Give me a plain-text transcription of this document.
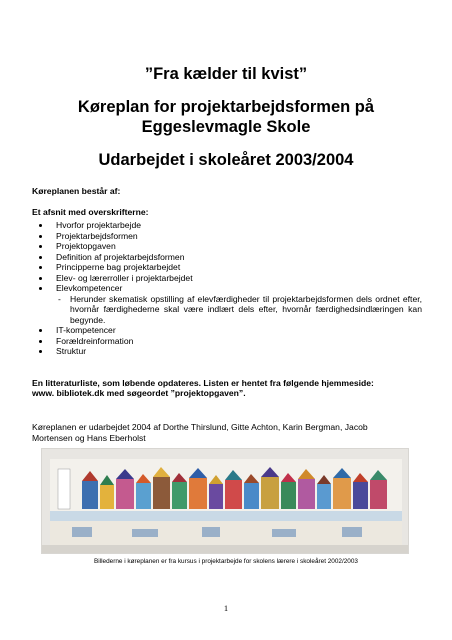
”Fra kælder til kvist”
Køreplan for projektarbejdsformen på
Eggeslevmagle Skole
Udarbejdet i skoleåret 2003/2004
Køreplanen består af:
Et afsnit med overskrifterne:
Hvorfor projektarbejde
Projektarbejdsformen
Projektopgaven
Definition af projektarbejdsformen
Principperne bag projektarbejdet
Elev- og lærerroller i projektarbejdet
Elevkompetencer
- Herunder skematisk opstilling af elevfærdigheder til projektarbejdsformen dels ordnet efter, hvornår færdighederne skal være indlært dels efter, hvornår færdighedsindlæringen kan begynde.
IT-kompetencer
Forældreinformation
Struktur
En litteraturliste, som løbende opdateres. Listen er hentet fra følgende hjemmeside:
www. bibliotek.dk med søgeordet ”projektopgaven”.
Køreplanen er udarbejdet 2004 af Dorthe Thirslund, Gitte Achton, Karin Bergman, Jacob
Mortensen og Hans Eberholst
Billederne i køreplanen er fra kursus i projektarbejde for skolens lærere i skoleåret 2002/2003
1
